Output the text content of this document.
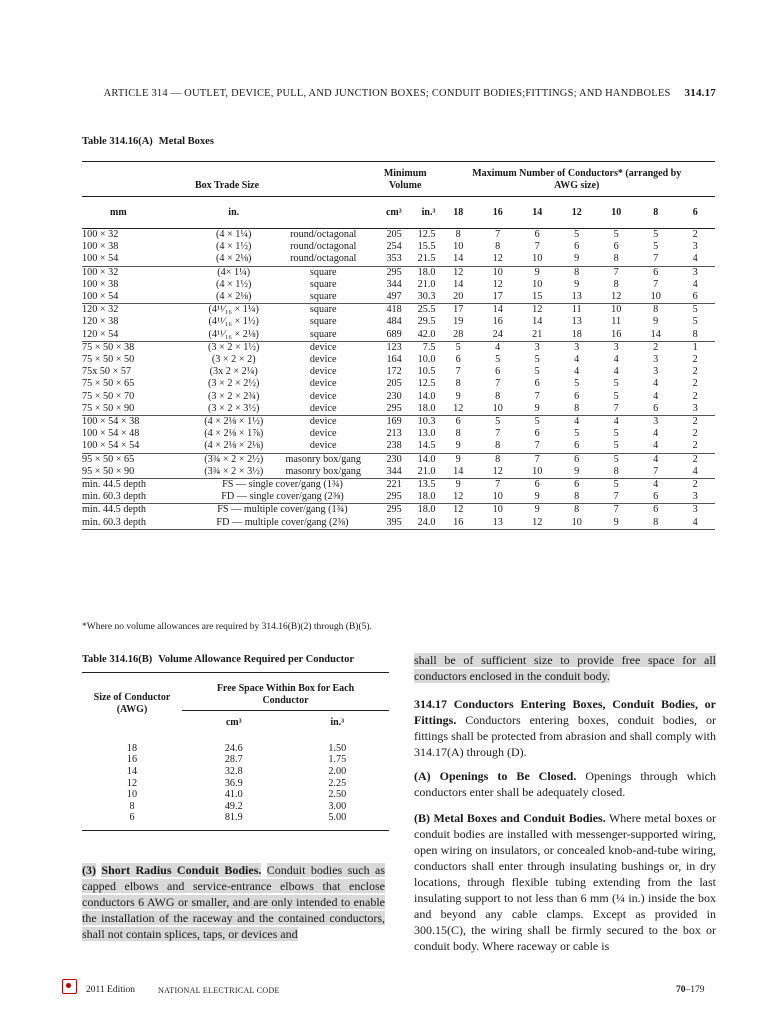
ARTICLE 314 — OUTLET, DEVICE, PULL, AND JUNCTION BOXES; CONDUIT BODIES;FITTINGS; AND HANDBOLES 314.17
Table 314.16(A) Metal Boxes
Box Trade Size			Minimum Volume		Maximum Number of Conductors* (arranged by AWG size)						
mm	in.		cm³	in.³	18	16	14	12	10	8	6
100 × 32	(4 × 1¼)	round/octagonal	205	12.5	8	7	6	5	5	5	2
100 × 38	(4 × 1½)	round/octagonal	254	15.5	10	8	7	6	6	5	3
100 × 54	(4 × 2⅛)	round/octagonal	353	21.5	14	12	10	9	8	7	4
100 × 32	(4× 1¼)	square	295	18.0	12	10	9	8	7	6	3
100 × 38	(4 × 1½)	square	344	21.0	14	12	10	9	8	7	4
100 × 54	(4 × 2⅛)	square	497	30.3	20	17	15	13	12	10	6
120 × 32	(4¹¹⁄₁₆ × 1¼)	square	418	25.5	17	14	12	11	10	8	5
120 × 38	(4¹¹⁄₁₆ × 1½)	square	484	29.5	19	16	14	13	11	9	5
120 × 54	(4¹¹⁄₁₆ × 2⅛)	square	689	42.0	28	24	21	18	16	14	8
75 × 50 × 38	(3 × 2 × 1½)	device	123	7.5	5	4	3	3	3	2	1
75 × 50 × 50	(3 × 2 × 2)	device	164	10.0	6	5	5	4	4	3	2
75x 50 × 57	(3x 2 × 2¼)	device	172	10.5	7	6	5	4	4	3	2
75 × 50 × 65	(3 × 2 × 2½)	device	205	12.5	8	7	6	5	5	4	2
75 × 50 × 70	(3 × 2 × 2¾)	device	230	14.0	9	8	7	6	5	4	2
75 × 50 × 90	(3 × 2 × 3½)	device	295	18.0	12	10	9	8	7	6	3
100 × 54 × 38	(4 × 2⅛ × 1½)	device	169	10.3	6	5	5	4	4	3	2
100 × 54 × 48	(4 × 2⅛ × 1⅞)	device	213	13.0	8	7	6	5	5	4	2
100 × 54 × 54	(4 × 2⅛ × 2⅛)	device	238	14.5	9	8	7	6	5	4	2
95 × 50 × 65	(3¾ × 2 × 2½)	masonry box/gang	230	14.0	9	8	7	6	5	4	2
95 × 50 × 90	(3¾ × 2 × 3½)	masonry box/gang	344	21.0	14	12	10	9	8	7	4
min. 44.5 depth	FS — single cover/gang (1¾)		221	13.5	9	7	6	6	5	4	2
min. 60.3 depth	FD — single cover/gang (2⅜)		295	18.0	12	10	9	8	7	6	3
min. 44.5 depth	FS — multiple cover/gang (1¾)		295	18.0	12	10	9	8	7	6	3
min. 60.3 depth	FD — multiple cover/gang (2⅜)		395	24.0	16	13	12	10	9	8	4
*Where no volume allowances are required by 314.16(B)(2) through (B)(5).
Table 314.16(B) Volume Allowance Required per Conductor
Size of Conductor (AWG)	Free Space Within Box for Each Conductor	
	cm³	in.³
18	24.6	1.50
16	28.7	1.75
14	32.8	2.00
12	36.9	2.25
10	41.0	2.50
8	49.2	3.00
6	81.9	5.00
(3) Short Radius Conduit Bodies. Conduit bodies such as capped elbows and service-entrance elbows that enclose conductors 6 AWG or smaller, and are only intended to enable the installation of the raceway and the contained conductors, shall not contain splices, taps, or devices and
shall be of sufficient size to provide free space for all conductors enclosed in the conduit body.
314.17 Conductors Entering Boxes, Conduit Bodies, or Fittings. Conductors entering boxes, conduit bodies, or fittings shall be protected from abrasion and shall comply with 314.17(A) through (D).
(A) Openings to Be Closed. Openings through which conductors enter shall be adequately closed.
(B) Metal Boxes and Conduit Bodies. Where metal boxes or conduit bodies are installed with messenger-supported wiring, open wiring on insulators, or concealed knob-and-tube wiring, conductors shall enter through insulating bushings or, in dry locations, through flexible tubing extending from the last insulating support to not less than 6 mm (¼ in.) inside the box and beyond any cable clamps. Except as provided in 300.15(C), the wiring shall be firmly secured to the box or conduit body. Where raceway or cable is
2011 Edition	NATIONAL ELECTRICAL CODE	70–179
